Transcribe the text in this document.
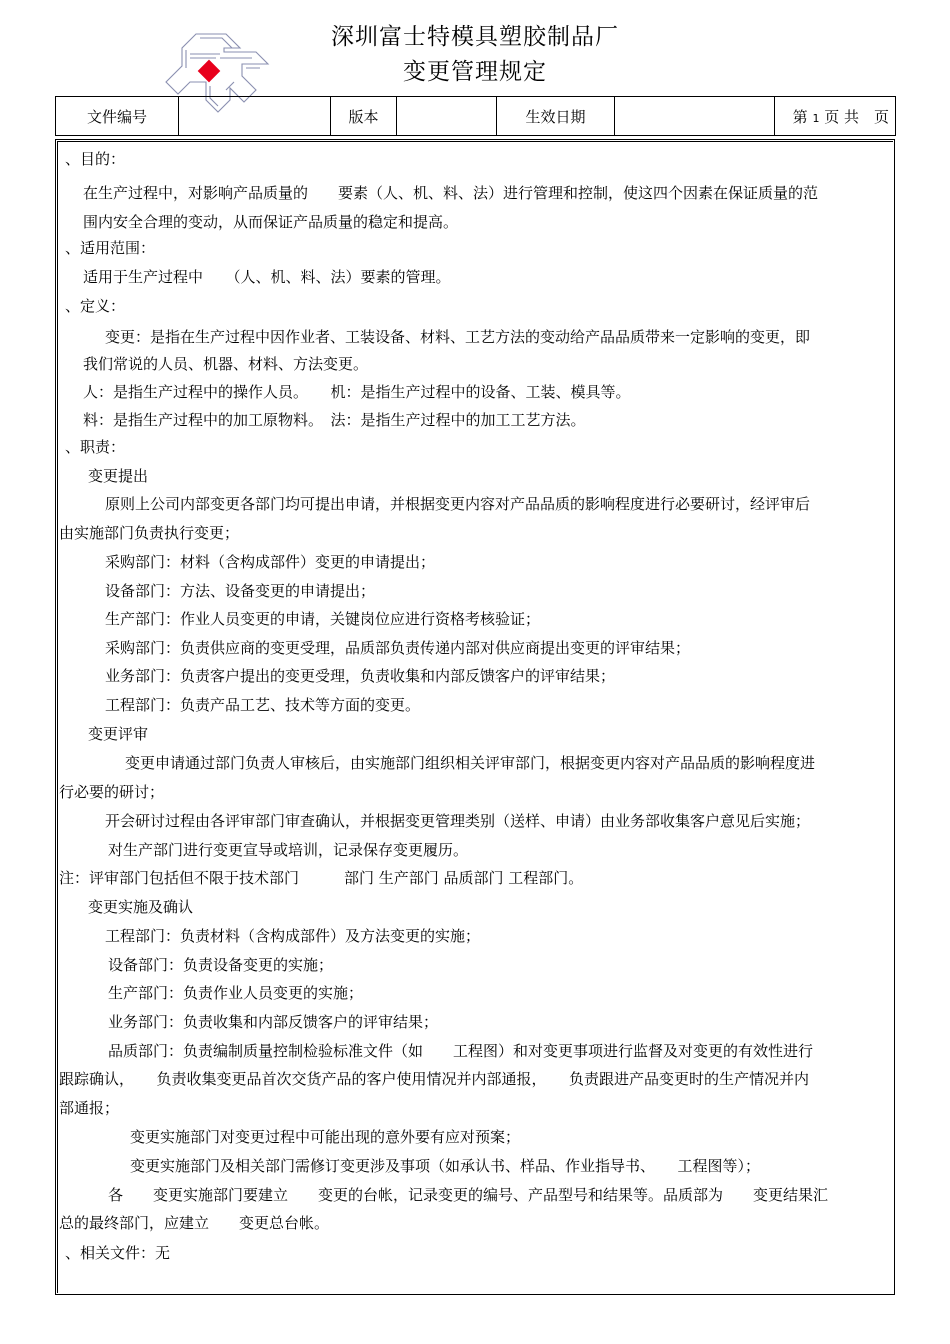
深圳富士特模具塑胶制品厂
变更管理规定
文件编号		版本		生效日期		第 1 页 共　页
、目的：
在生产过程中，对影响产品质量的　　要素（人、机、料、法）进行管理和控制，使这四个因素在保证质量的范
围内安全合理的变动，从而保证产品质量的稳定和提高。
、适用范围：
适用于生产过程中　　（人、机、料、法）要素的管理。
、定义：
变更：是指在生产过程中因作业者、工装设备、材料、工艺方法的变动给产品品质带来一定影响的变更，即
我们常说的人员、机器、材料、方法变更。
人：是指生产过程中的操作人员。　　机：是指生产过程中的设备、工装、模具等。
料：是指生产过程中的加工原物料。　法：是指生产过程中的加工工艺方法。
、职责：
变更提出
原则上公司内部变更各部门均可提出申请，并根据变更内容对产品品质的影响程度进行必要研讨，经评审后
由实施部门负责执行变更；
采购部门：材料（含构成部件）变更的申请提出；
设备部门：方法、设备变更的申请提出；
生产部门：作业人员变更的申请，关键岗位应进行资格考核验证；
采购部门：负责供应商的变更受理，品质部负责传递内部对供应商提出变更的评审结果；
业务部门：负责客户提出的变更受理，负责收集和内部反馈客户的评审结果；
工程部门：负责产品工艺、技术等方面的变更。
变更评审
变更申请通过部门负责人审核后，由实施部门组织相关评审部门，根据变更内容对产品品质的影响程度进
行必要的研讨；
开会研讨过程由各评审部门审查确认，并根据变更管理类别（送样、申请）由业务部收集客户意见后实施；
对生产部门进行变更宣导或培训，记录保存变更履历。
注：评审部门包括但不限于技术部门　　　部门 生产部门 品质部门 工程部门。
变更实施及确认
工程部门：负责材料（含构成部件）及方法变更的实施；
设备部门：负责设备变更的实施；
生产部门：负责作业人员变更的实施；
业务部门：负责收集和内部反馈客户的评审结果；
品质部门：负责编制质量控制检验标准文件（如　　工程图）和对变更事项进行监督及对变更的有效性进行
跟踪确认，　　负责收集变更品首次交货产品的客户使用情况并内部通报，　　负责跟进产品变更时的生产情况并内
部通报；
变更实施部门对变更过程中可能出现的意外要有应对预案；
变更实施部门及相关部门需修订变更涉及事项（如承认书、样品、作业指导书、　　工程图等）；
各　　变更实施部门要建立　　变更的台帐，记录变更的编号、产品型号和结果等。品质部为　　变更结果汇
总的最终部门，应建立　　变更总台帐。
、相关文件：无
